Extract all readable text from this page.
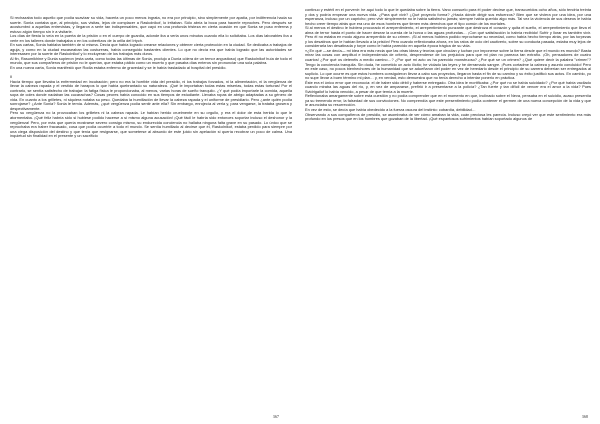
Si rechazaba todo aquello que podía suavizar su vida, hacerla un poco menos ingrata, no era por principio, sino simplemente por apatía, por indiferencia hacia su suerte. Sonia contaba que, al principio, sus visitas, lejos de complacer a Raskolnikof, lo irritaban. Sólo abría la boca para hacerle reproches. Pero después se acostumbró a aquellas entrevistas, y llegaron a serle tan indispensables, que cayó en una profunda tristeza en cierta ocasión en que Sonia se puso enferma y estuvo algún tiempo sin ir a visitarle.

Los días de fiesta lo veía en la puerta de la prisión o en el cuerpo de guardia, adonde iba a verla unos minutos cuando ella lo solicitaba. Los días laborables iba a verle en los talleres donde trabajaba o en los cobertizos de la orilla del Irtych.

En sus cartas, Sonia hablaba también de sí misma. Decía que había logrado crearse relaciones y obtener cierta protección en la ciudad. Se dedicaba a trabajos de aguja, y como en la ciudad escaseaban las costureras, había conseguido bastantes clientes. Lo que no decía era que había logrado que las autoridades se interesasen por la suerte de Raskolnikof y lo excluyeran de los trabajos más duros.

Al fin, Rasumikhine y Dunia supieron (esta carta, como todas las últimas de Sonia, produjo a Dunia cólera de un temor angustioso) que Raskolnikof huía de todo el mundo, que sus compañeros de prisión no le querían, que estaba pálido como un muerto y que pasaba días enteros sin pronunciar una sola palabra.

En una nueva carta, Sonia manifestó que Rodia estaba enfermo de gravedad y se le había trasladado al hospital del presidio.

II

Hacía tiempo que llevaba la enfermedad en incubación; pero no era la horrible vida del presidio, ni los trabajos forzados, ni la alimentación, ni la vergüenza de llevar la cabeza rapada y el vestido de harapos lo que había quebrantado su naturaleza. ¡Qué le importaban todas estas miserias, todas estas torturas! Por el contrario, se sentía satisfecho de trabajar: la fatiga física le proporcionaba, al menos, varias horas de sueño tranquilo. ¿Y qué podía importarle la comida, aquella sopa de coles donde nadaban las cucarachas? Cosas peores había conocido en sus tiempos de estudiante. Llevaba ropas de abrigo adaptadas a su género de vida. En cuanto a los grilletes, ni siquiera notaba su peso. Quedaba la humillación de llevar la cabeza rapada y el uniforme de presidiario. Pero ¿ante quién podía sonrojarse? ¿Ante Sonia? Sonia le temía. Además, ¿qué vergüenza podía sentir ante ella? Sin embargo, enrojecía al verla y, para vengarse, la trataba grosera y despectivamente.

Pero su vergüenza no la provocaban los grilletes ni la cabeza rapada. Le habían herido cruelmente en su orgullo, y era el dolor de esta herida lo que le atormentaba. ¡Qué feliz habría sido si hubiese podido hacerse a sí mismo alguna acusación! ¡Qué fácil le habría sido entonces soportar incluso el deshonor y la vergüenza! Pero, por más que quería mostrarse severo consigo mismo, su endurecida conciencia no hallaba ninguna falta grave en su pasado. Lo único que se reprochaba era haber fracasado, cosa que podía ocurrirle a todo el mundo. Se sentía humillado al decirse que él, Raskolnikof, estaba perdido para siempre por una ciega disposición del destino y que tenía que resignarse, que someterse al absurdo de este juicio sin apelación si quería recobrar un poco de calma. Una inquietud sin finalidad en el presente y un sacrificio

367

continuo y estéril en el porvenir: he aquí todo lo que le quedaba sobre la tierra. Vano consuelo para él poder decirse que, transcurridos ocho años, sólo tendría treinta y dos y podría empezar una nueva vida. ¿Para qué vivir? ¿Qué proyecto forma? ¿Hacia dónde dirigir sus esfuerzos? Bien que se viviera por una idea, por una esperanza, incluso por un capricho; pero vivir simplemente no le había satisfecho jamás; siempre había querido algo más. Tal vez la violencia de sus deseos le había hecho creer tiempo atrás que era uno de esos hombres que tienen más derechos que el tipo común de los mortales.

Si al menos el destino le hubiera procurado el arrepentimiento, el arrepentimiento punzante que destroza el corazón y quita el sueño, el arrepentimiento que lleva el alma de terror hasta el punto de hacer desear la cuerda de la horca o las aguas profundas… ¡Con qué satisfacción lo habría recibido! Sufrir y llorar es también vivir. Pero él no estaba en modo alguno arrepentido de su crimen. ¡Si al menos hubiera podido reprocharse su necedad, como había hecho tiempo atrás, por las torpezas y los desatinos que le habían llevado a la prisión! Pero cuando reflexionaba ahora, en los ratos de ocio del cautiverio, sobre su conducta pasada, estaba muy lejos de considerarla tan desatinada y torpe como le había parecido en aquella época trágica de su vida.

«¿En qué —se decía— mi idea era más necia que las otras ideas y teorías que circulan y luchan por imponerse sobre la tierra desde que el mundo es mundo? Basta mirar las cosas con amplitud e independencia de criterio, desprenderse de los prejuicios para que mi plan no parezca tan extraño. ¡Oh, pensadores de cuatro cuartos! ¿Por qué os detenéis a medio camino…? ¿Por qué mi acto os ha parecido monstruoso? ¿Por qué se un crimen? ¿Qué quiere decir la palabra "crimen"? Tengo la conciencia tranquila. Sin duda, he cometido un acto ilícito; he violado las leyes y he derramado sangre. ¡Pues cortadme la cabeza y asunto concluido! Pero en este caso, no pocos bienhechores de la humanidad que se adueñaron del poder en vez de heredarlo desde el principio de su carrera deberían ser entregados al suplicio. Lo que ocurre es que estos hombres consiguieron llevar a cabo sus proyectos, llegaron hasta el fin de su camino y su éxito justificó sus actos. En cambio, yo no supe llevar a buen término mi plan… y, en verdad, esto demuestra que no tenía derecho a intentar ponerlo en práctica.

Éste era el único error que reconocía: el de haber sido débil y haberse entregado. Otra idea le mortificaba: ¿Por qué no se había suicidado? ¿Por qué había vacilado cuando miraba las aguas del río, y, en vez de ampararse, prefirió ir a presentarse a la policía? ¿Tan fuerte y tan difícil de vencer era el amor a la vida? Pues Svidrigailof lo había vencido, a pesar de que temía a la muerte.

Reflexionaba amargamente sobre esta cuestión y no podía comprender que en el momento en que, inclinado sobre el Neva, pensaba en el suicidio, acaso presentía ya su tremendo error, la falsedad de sus convicciones. No comprendía que este presentimiento podía contener el germen de una nueva concepción de la vida y que le anunciaba su resurrección.

En vez de esto, se decía que había obedecido a la fuerza oscura del instinto: cobardía, debilidad…

Observando a sus compañeros de presidio, se asombraba de ver cómo amaban la vida, cuán preciosa les parecía. Incluso creyó ver que este sentimiento era más profundo en los presos que en los hombres que gozaban de la libertad. ¡Qué espantosos sufrimientos habían soportado algunos de

368
